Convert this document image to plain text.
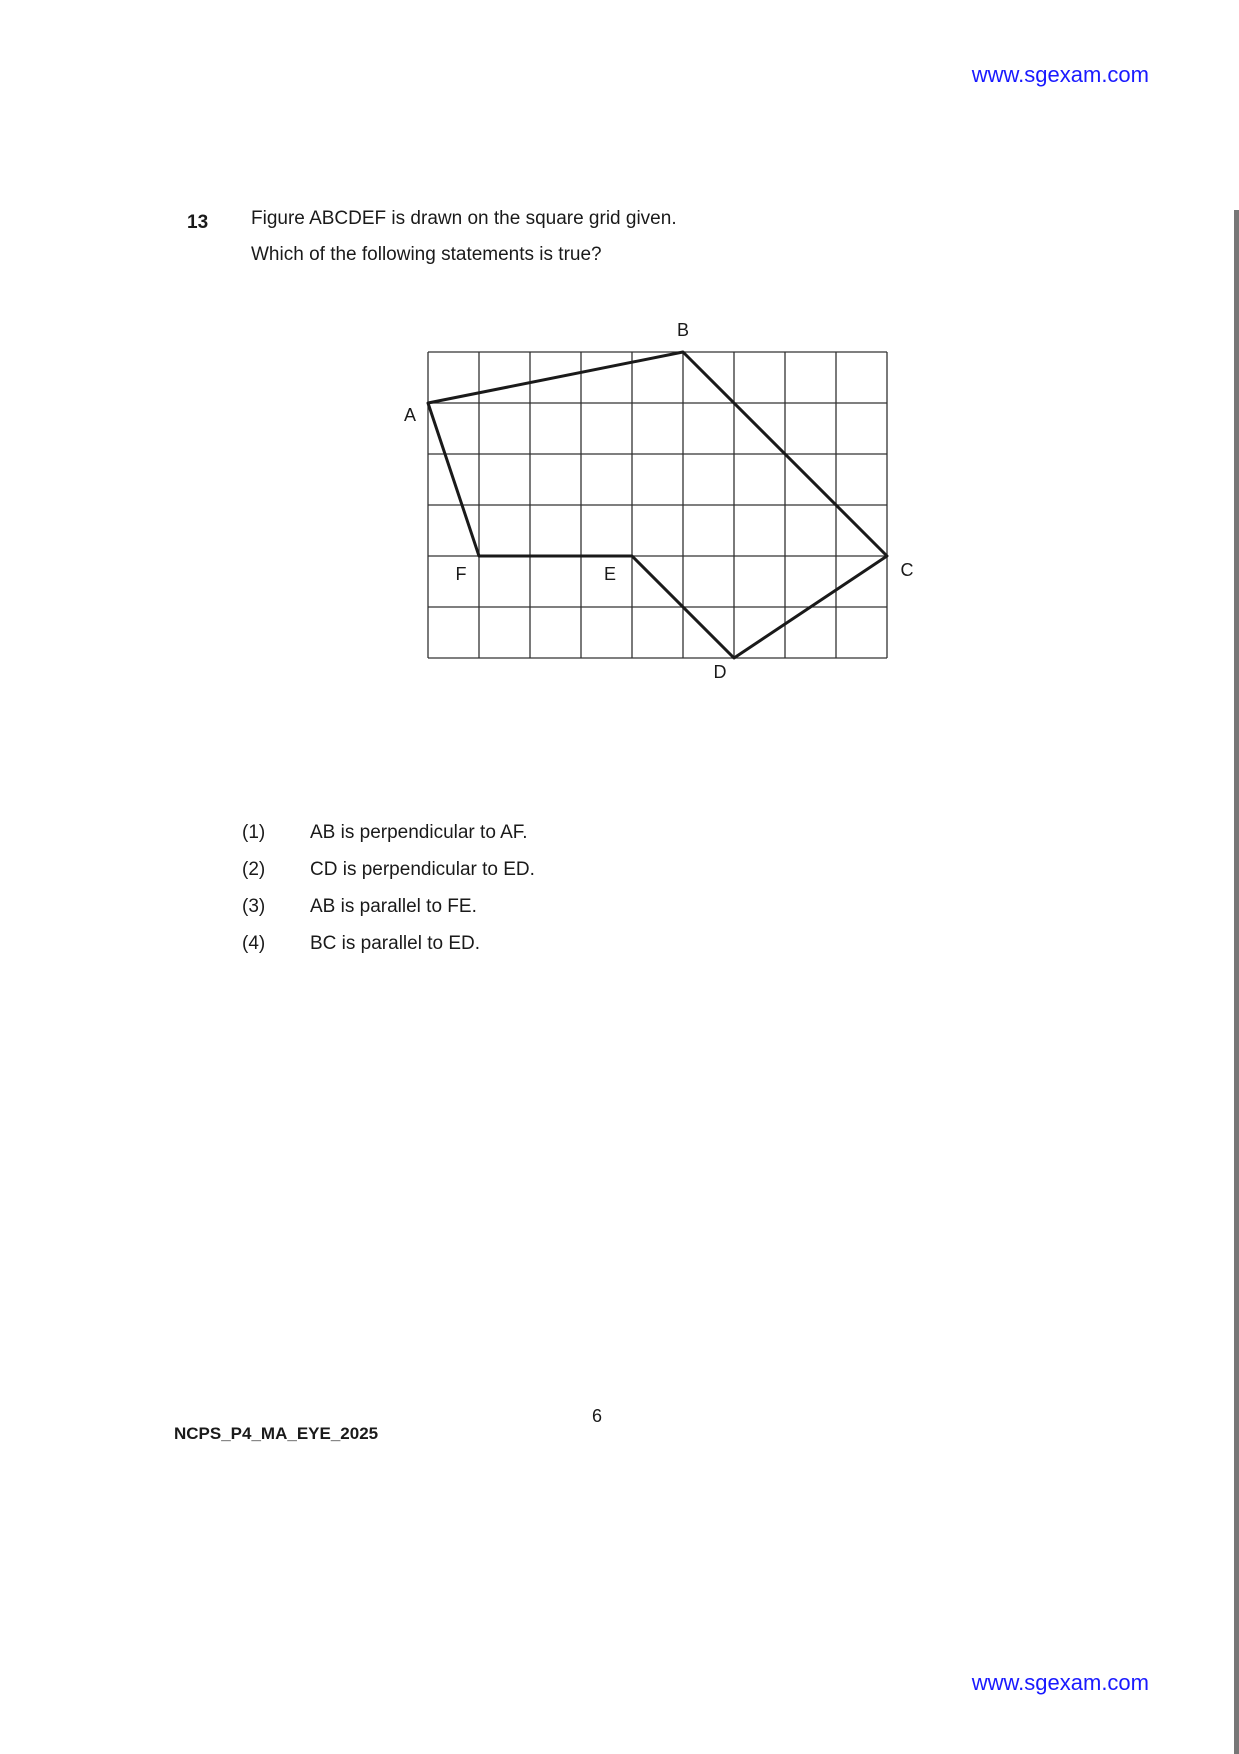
www.sgexam.com
13 Figure ABCDEF is drawn on the square grid given.
Which of the following statements is true?
A
B
C
D
E
F
(1) AB is perpendicular to AF.
(2) CD is perpendicular to ED.
(3) AB is parallel to FE.
(4) BC is parallel to ED.
6
NCPS_P4_MA_EYE_2025
www.sgexam.com
